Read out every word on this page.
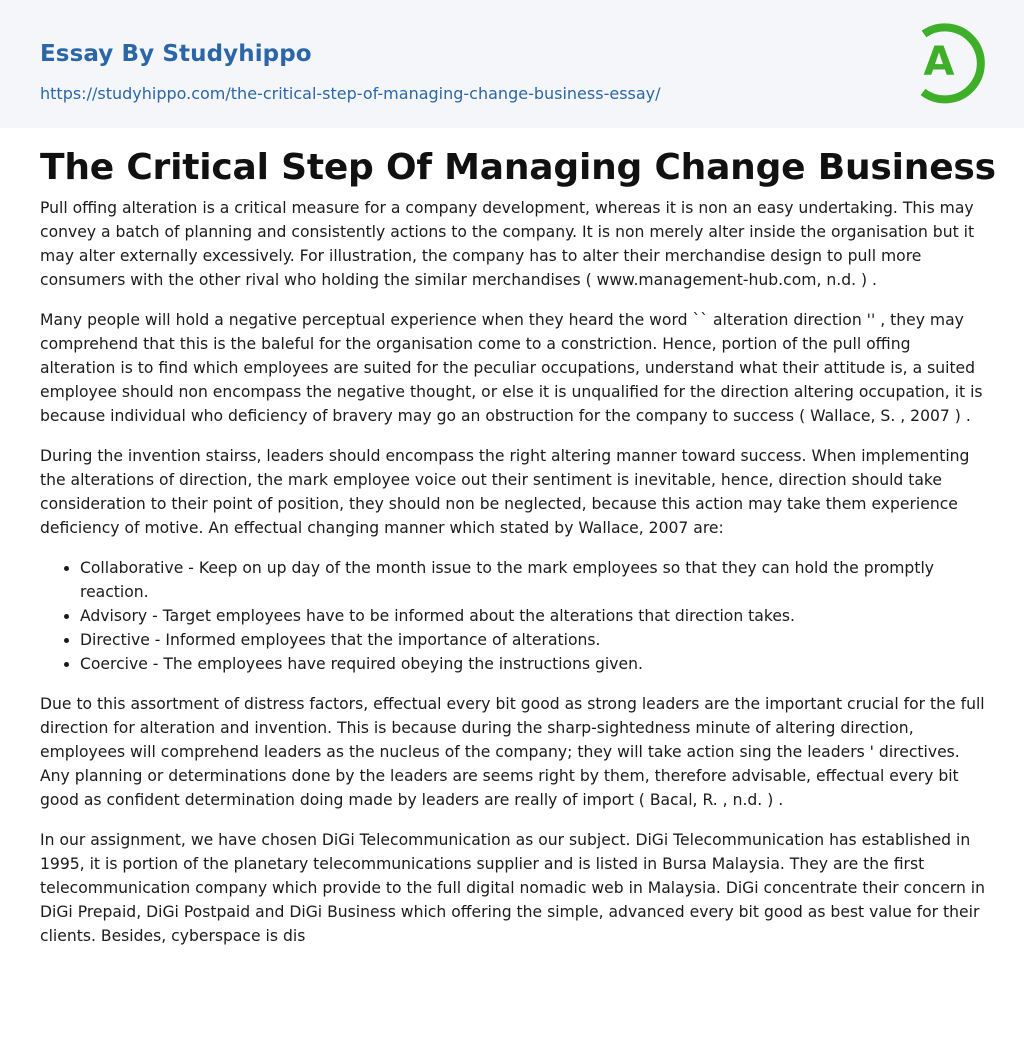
Essay By Studyhippo
https://studyhippo.com/the-critical-step-of-managing-change-business-essay/
A
The Critical Step Of Managing Change Business

Pull offing alteration is a critical measure for a company development, whereas it is non an easy undertaking. This may convey a batch of planning and consistently actions to the company. It is non merely alter inside the organisation but it may alter externally excessively. For illustration, the company has to alter their merchandise design to pull more consumers with the other rival who holding the similar merchandises ( www.management-hub.com, n.d. ) .

Many people will hold a negative perceptual experience when they heard the word `` alteration direction '' , they may comprehend that this is the baleful for the organisation come to a constriction. Hence, portion of the pull offing alteration is to find which employees are suited for the peculiar occupations, understand what their attitude is, a suited employee should non encompass the negative thought, or else it is unqualified for the direction altering occupation, it is because individual who deficiency of bravery may go an obstruction for the company to success ( Wallace, S. , 2007 ) .

During the invention stairss, leaders should encompass the right altering manner toward success. When implementing the alterations of direction, the mark employee voice out their sentiment is inevitable, hence, direction should take consideration to their point of position, they should non be neglected, because this action may take them experience deficiency of motive. An effectual changing manner which stated by Wallace, 2007 are:

• Collaborative - Keep on up day of the month issue to the mark employees so that they can hold the promptly reaction.
• Advisory - Target employees have to be informed about the alterations that direction takes.
• Directive - Informed employees that the importance of alterations.
• Coercive - The employees have required obeying the instructions given.

Due to this assortment of distress factors, effectual every bit good as strong leaders are the important crucial for the full direction for alteration and invention. This is because during the sharp-sightedness minute of altering direction, employees will comprehend leaders as the nucleus of the company; they will take action sing the leaders ' directives. Any planning or determinations done by the leaders are seems right by them, therefore advisable, effectual every bit good as confident determination doing made by leaders are really of import ( Bacal, R. , n.d. ) .

In our assignment, we have chosen DiGi Telecommunication as our subject. DiGi Telecommunication has established in 1995, it is portion of the planetary telecommunications supplier and is listed in Bursa Malaysia. They are the first telecommunication company which provide to the full digital nomadic web in Malaysia. DiGi concentrate their concern in DiGi Prepaid, DiGi Postpaid and DiGi Business which offering the simple, advanced every bit good as best value for their clients. Besides, cyberspace is dis
